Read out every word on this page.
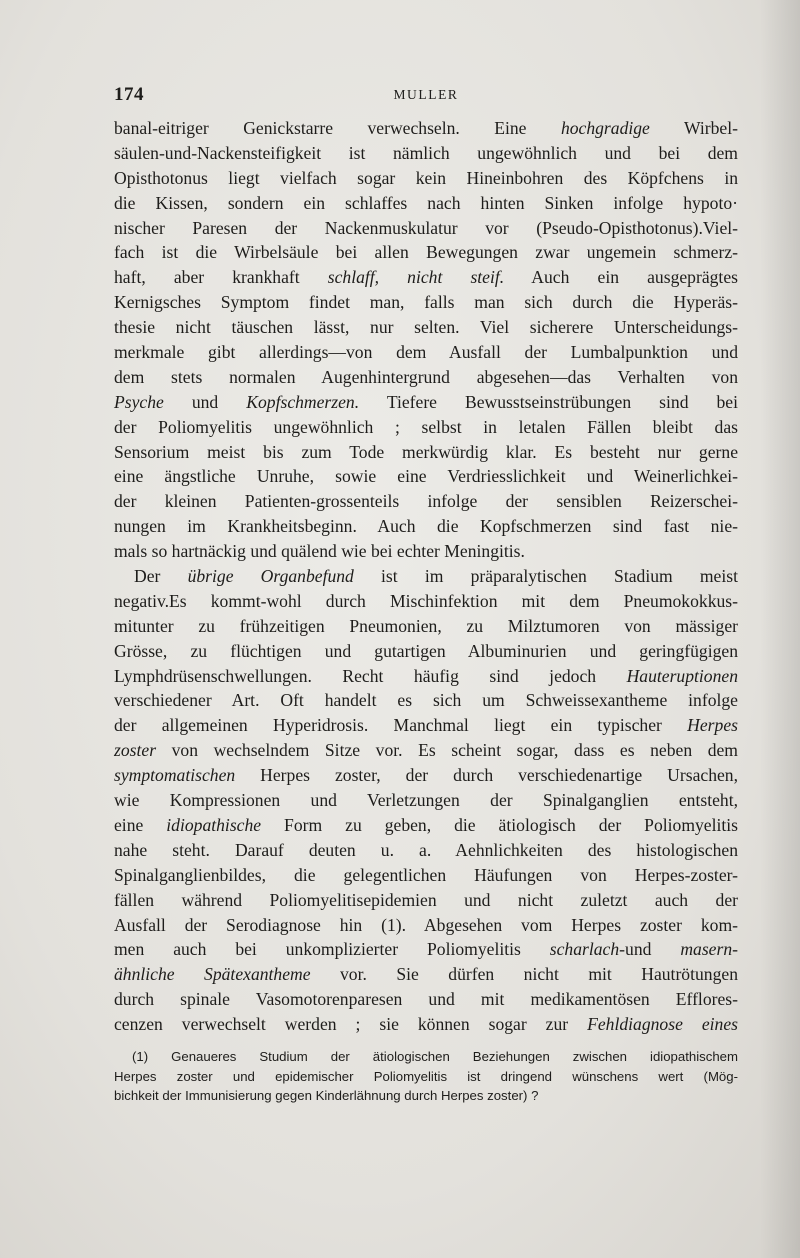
174	MULLER
banal-eitriger Genickstarre verwechseln. Eine hochgradige Wirbel-
säulen-und-Nackensteifigkeit ist nämlich ungewöhnlich und bei dem
Opisthotonus liegt vielfach sogar kein Hineinbohren des Köpfchens in
die Kissen, sondern ein schlaffes nach hinten Sinken infolge hypoto·
nischer Paresen der Nackenmuskulatur vor (Pseudo-Opisthotonus).Viel-
fach ist die Wirbelsäule bei allen Bewegungen zwar ungemein schmerz-
haft, aber krankhaft schlaff, nicht steif. Auch ein ausgeprägtes
Kernigsches Symptom findet man, falls man sich durch die Hyperäs-
thesie nicht täuschen lässt, nur selten. Viel sicherere Unterscheidungs-
merkmale gibt allerdings—von dem Ausfall der Lumbalpunktion und
dem stets normalen Augenhintergrund abgesehen—das Verhalten von
Psyche und Kopfschmerzen. Tiefere Bewusstseinstrübungen sind bei
der Poliomyelitis ungewöhnlich ; selbst in letalen Fällen bleibt das
Sensorium meist bis zum Tode merkwürdig klar. Es besteht nur gerne
eine ängstliche Unruhe, sowie eine Verdriesslichkeit und Weinerlichkei-
der kleinen Patienten-grossenteils infolge der sensiblen Reizerschei-
nungen im Krankheitsbeginn. Auch die Kopfschmerzen sind fast nie-
mals so hartnäckig und quälend wie bei echter Meningitis.
Der übrige Organbefund ist im präparalytischen Stadium meist
negativ.Es kommt-wohl durch Mischinfektion mit dem Pneumokokkus-
mitunter zu frühzeitigen Pneumonien, zu Milztumoren von mässiger
Grösse, zu flüchtigen und gutartigen Albuminurien und geringfügigen
Lymphdrüsenschwellungen. Recht häufig sind jedoch Hauteruptionen
verschiedener Art. Oft handelt es sich um Schweissexantheme infolge
der allgemeinen Hyperidrosis. Manchmal liegt ein typischer Herpes
zoster von wechselndem Sitze vor. Es scheint sogar, dass es neben dem
symptomatischen Herpes zoster, der durch verschiedenartige Ursachen,
wie Kompressionen und Verletzungen der Spinalganglien entsteht,
eine idiopathische Form zu geben, die ätiologisch der Poliomyelitis
nahe steht. Darauf deuten u. a. Aehnlichkeiten des histologischen
Spinalganglienbildes, die gelegentlichen Häufungen von Herpes-zoster-
fällen während Poliomyelitisepidemien und nicht zuletzt auch der
Ausfall der Serodiagnose hin (1). Abgesehen vom Herpes zoster kom-
men auch bei unkomplizierter Poliomyelitis scharlach-und masern-
ähnliche Spätexantheme vor. Sie dürfen nicht mit Hautrötungen
durch spinale Vasomotorenparesen und mit medikamentösen Efflores-
cenzen verwechselt werden ; sie können sogar zur Fehldiagnose eines
(1) Genaueres Studium der ätiologischen Beziehungen zwischen idiopathischem
Herpes zoster und epidemischer Poliomyelitis ist dringend wünschens wert (Mög-
bichkeit der Immunisierung gegen Kinderlähnung durch Herpes zoster) ?
